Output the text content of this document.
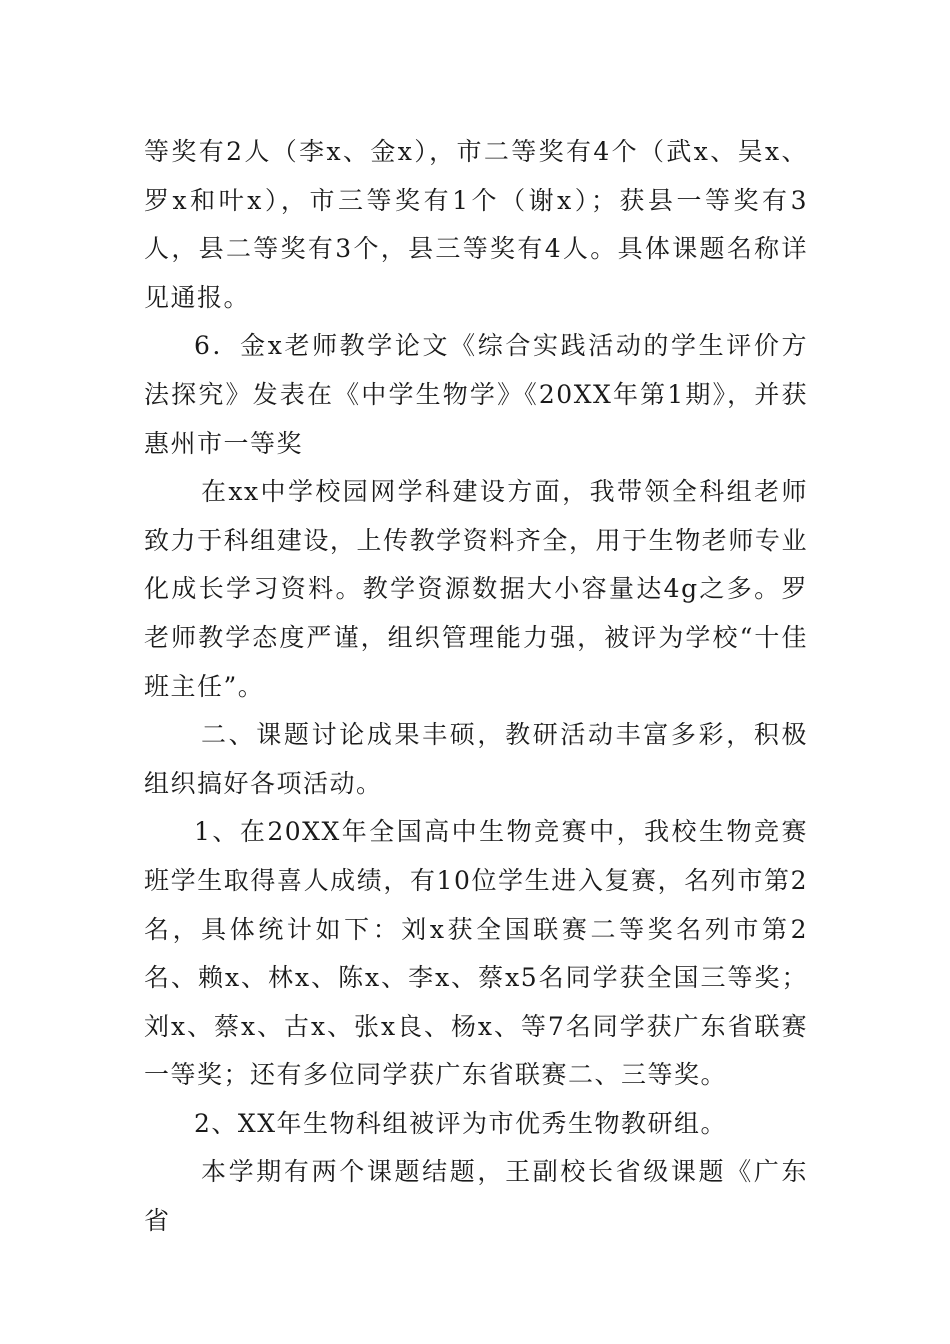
等奖有2人（李x、金x），市二等奖有4个（武x、吴x、罗x和叶x），市三等奖有1个（谢x）；获县一等奖有3人，县二等奖有3个，县三等奖有4人。具体课题名称详见通报。

6．金x老师教学论文《综合实践活动的学生评价方法探究》发表在《中学生物学》《20XX年第1期》，并获惠州市一等奖

在xx中学校园网学科建设方面，我带领全科组老师致力于科组建设，上传教学资料齐全，用于生物老师专业化成长学习资料。教学资源数据大小容量达4g之多。罗老师教学态度严谨，组织管理能力强，被评为学校“十佳班主任”。

二、课题讨论成果丰硕，教研活动丰富多彩，积极组织搞好各项活动。

1、在20XX年全国高中生物竞赛中，我校生物竞赛班学生取得喜人成绩，有10位学生进入复赛，名列市第2名，具体统计如下：刘x获全国联赛二等奖名列市第2名、赖x、林x、陈x、李x、蔡x5名同学获全国三等奖；刘x、蔡x、古x、张x良、杨x、等7名同学获广东省联赛一等奖；还有多位同学获广东省联赛二、三等奖。

2、XX年生物科组被评为市优秀生物教研组。

本学期有两个课题结题，王副校长省级课题《广东省
